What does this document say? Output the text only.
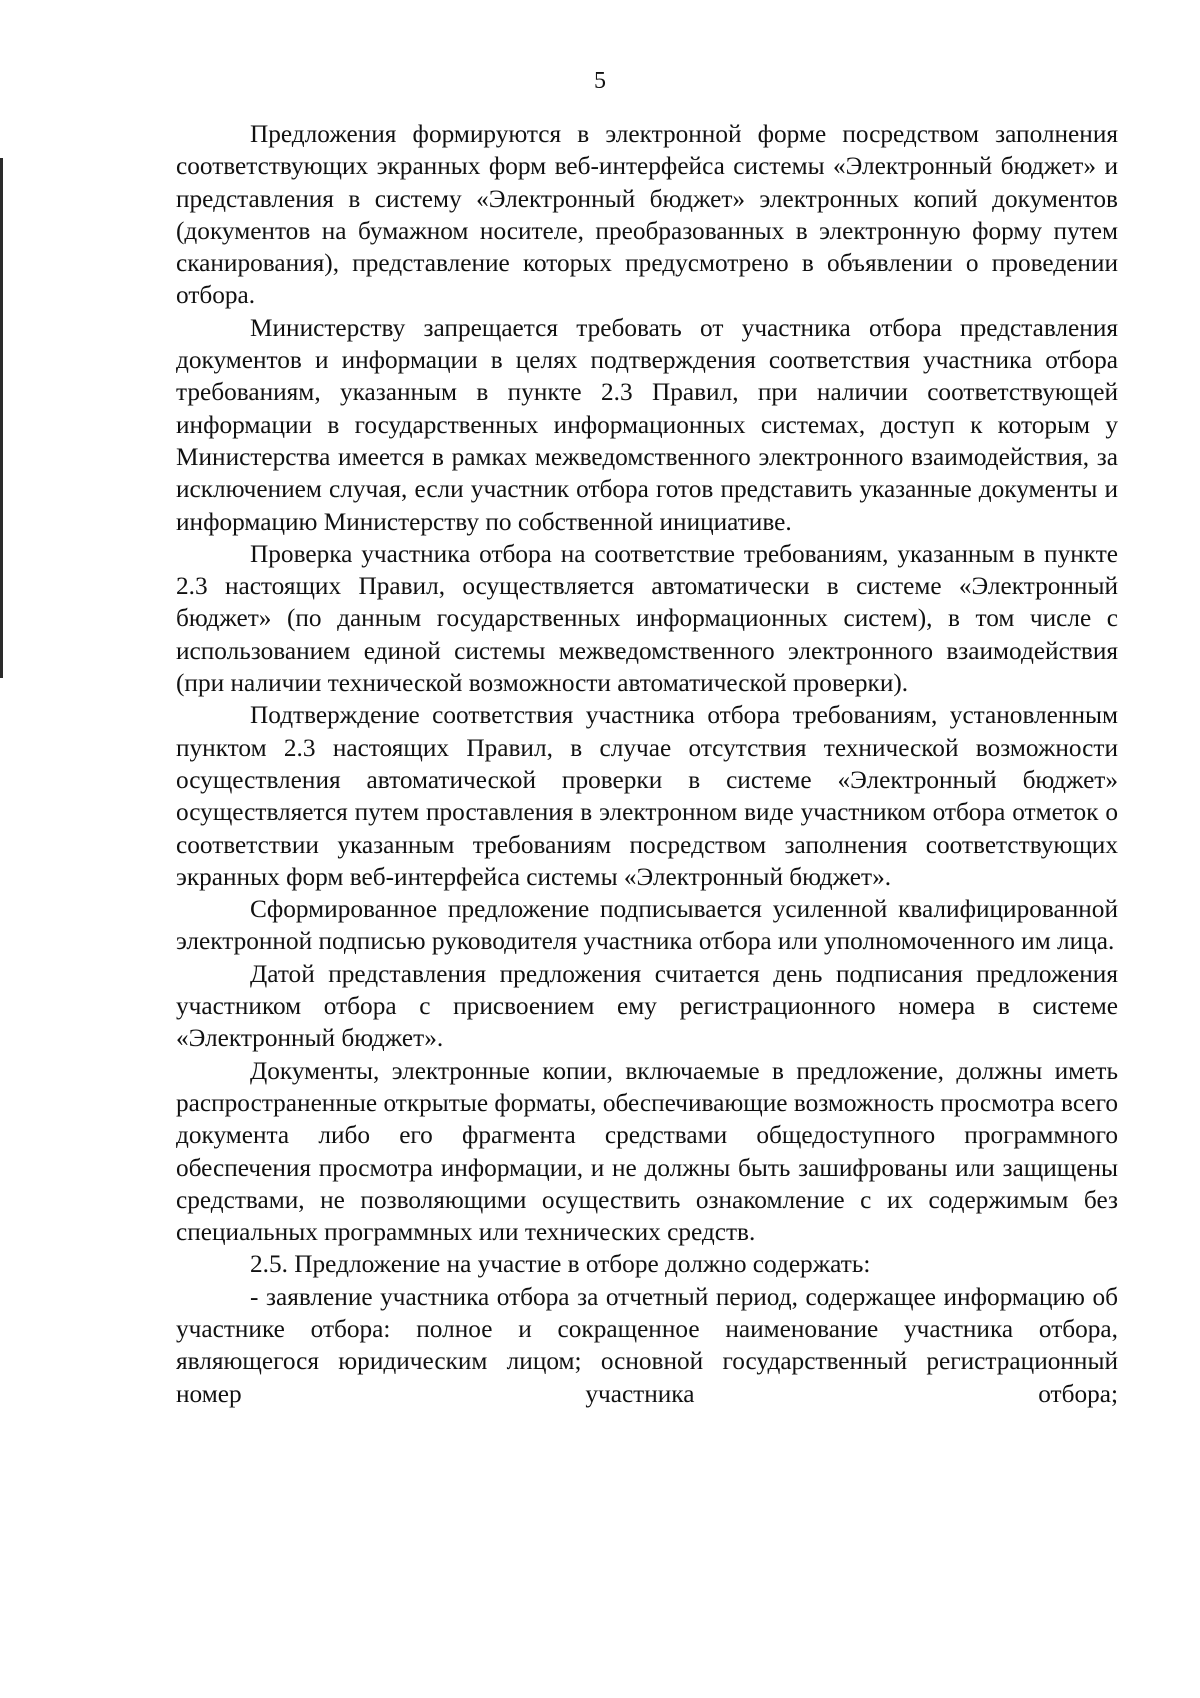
5

Предложения формируются в электронной форме посредством заполнения соответствующих экранных форм веб-интерфейса системы «Электронный бюджет» и представления в систему «Электронный бюджет» электронных копий документов (документов на бумажном носителе, преобразованных в электронную форму путем сканирования), представление которых предусмотрено в объявлении о проведении отбора.

Министерству запрещается требовать от участника отбора представления документов и информации в целях подтверждения соответствия участника отбора требованиям, указанным в пункте 2.3 Правил, при наличии соответствующей информации в государственных информационных системах, доступ к которым у Министерства имеется в рамках межведомственного электронного взаимодействия, за исключением случая, если участник отбора готов представить указанные документы и информацию Министерству по собственной инициативе.

Проверка участника отбора на соответствие требованиям, указанным в пункте 2.3 настоящих Правил, осуществляется автоматически в системе «Электронный бюджет» (по данным государственных информационных систем), в том числе с использованием единой системы межведомственного электронного взаимодействия (при наличии технической возможности автоматической проверки).

Подтверждение соответствия участника отбора требованиям, установленным пунктом 2.3 настоящих Правил, в случае отсутствия технической возможности осуществления автоматической проверки в системе «Электронный бюджет» осуществляется путем проставления в электронном виде участником отбора отметок о соответствии указанным требованиям посредством заполнения соответствующих экранных форм веб-интерфейса системы «Электронный бюджет».

Сформированное предложение подписывается усиленной квалифицированной электронной подписью руководителя участника отбора или уполномоченного им лица.

Датой представления предложения считается день подписания предложения участником отбора с присвоением ему регистрационного номера в системе «Электронный бюджет».

Документы, электронные копии, включаемые в предложение, должны иметь распространенные открытые форматы, обеспечивающие возможность просмотра всего документа либо его фрагмента средствами общедоступного программного обеспечения просмотра информации, и не должны быть зашифрованы или защищены средствами, не позволяющими осуществить ознакомление с их содержимым без специальных программных или технических средств.

2.5. Предложение на участие в отборе должно содержать:

- заявление участника отбора за отчетный период, содержащее информацию об участнике отбора: полное и сокращенное наименование участника отбора, являющегося юридическим лицом; основной государственный регистрационный номер участника отбора;
